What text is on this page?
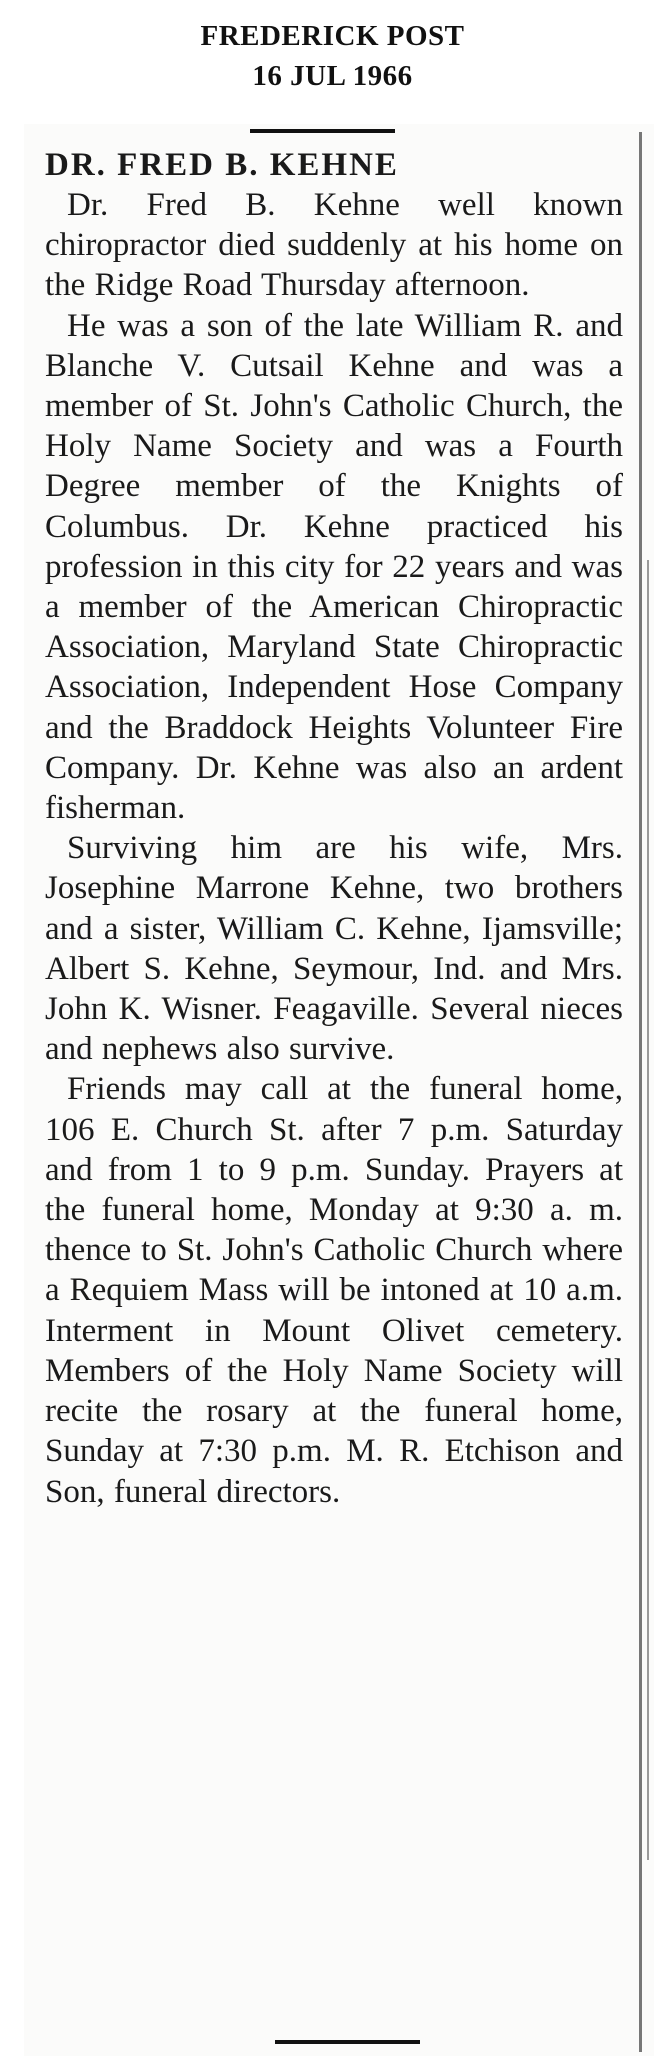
FREDERICK POST
16 JUL 1966
DR. FRED B. KEHNE

Dr. Fred B. Kehne well known chiropractor died suddenly at his home on the Ridge Road Thursday afternoon.

He was a son of the late William R. and Blanche V. Cutsail Kehne and was a member of St. John's Catholic Church, the Holy Name Society and was a Fourth Degree member of the Knights of Columbus. Dr. Kehne practiced his profession in this city for 22 years and was a member of the American Chiropractic Association, Maryland State Chiropractic Association, Independent Hose Company and the Braddock Heights Volunteer Fire Company. Dr. Kehne was also an ardent fisherman.

Surviving him are his wife, Mrs. Josephine Marrone Kehne, two brothers and a sister, William C. Kehne, Ijamsville; Albert S. Kehne, Seymour, Ind. and Mrs. John K. Wisner. Feagaville. Several nieces and nephews also survive.

Friends may call at the funeral home, 106 E. Church St. after 7 p.m. Saturday and from 1 to 9 p.m. Sunday. Prayers at the funeral home, Monday at 9:30 a. m. thence to St. John's Catholic Church where a Requiem Mass will be intoned at 10 a.m. Interment in Mount Olivet cemetery. Members of the Holy Name Society will recite the rosary at the funeral home, Sunday at 7:30 p.m. M. R. Etchison and Son, funeral directors.
